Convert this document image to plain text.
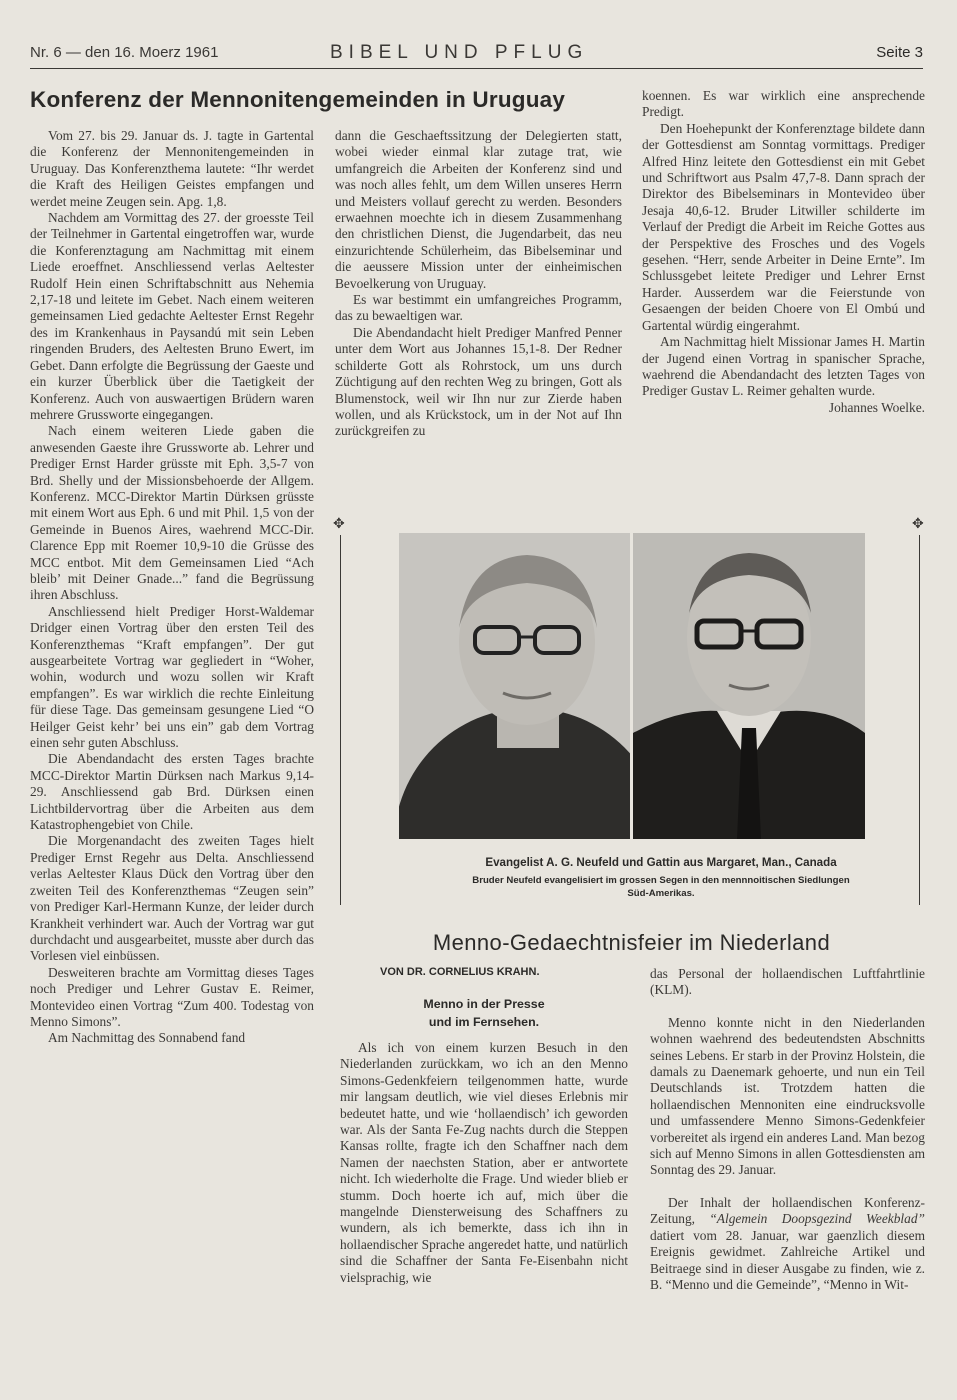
Nr. 6 — den 16. Moerz 1961	BIBEL UND PFLUG	Seite 3
Konferenz der Mennonitengemeinden in Uruguay

Vom 27. bis 29. Januar ds. J. tagte in Gartental die Konferenz der Mennonitengemeinden in Uruguay. Das Konferenzthema lautete: “Ihr werdet die Kraft des Heiligen Geistes empfangen und werdet meine Zeugen sein. Apg. 1,8.

Nachdem am Vormittag des 27. der groesste Teil der Teilnehmer in Gartental eingetroffen war, wurde die Konferenztagung am Nachmittag mit einem Liede eroeffnet. Anschliessend verlas Aeltester Rudolf Hein einen Schriftabschnitt aus Nehemia 2,17-18 und leitete im Gebet. Nach einem weiteren gemeinsamen Lied gedachte Aeltester Ernst Regehr des im Krankenhaus in Paysandú mit sein Leben ringenden Bruders, des Aeltesten Bruno Ewert, im Gebet. Dann erfolgte die Begrüssung der Gaeste und ein kurzer Überblick über die Taetigkeit der Konferenz. Auch von auswaertigen Brüdern waren mehrere Grussworte eingegangen.

Nach einem weiteren Liede gaben die anwesenden Gaeste ihre Grussworte ab. Lehrer und Prediger Ernst Harder grüsste mit Eph. 3,5-7 von Brd. Shelly und der Missionsbehoerde der Allgem. Konferenz. MCC-Direktor Martin Dürksen grüsste mit einem Wort aus Eph. 6 und mit Phil. 1,5 von der Gemeinde in Buenos Aires, waehrend MCC-Dir. Clarence Epp mit Roemer 10,9-10 die Grüsse des MCC entbot. Mit dem Gemeinsamen Lied “Ach bleib’ mit Deiner Gnade...” fand die Begrüssung ihren Abschluss.

Anschliessend hielt Prediger Horst-Waldemar Dridger einen Vortrag über den ersten Teil des Konferenzthemas “Kraft empfangen”. Der gut ausgearbeitete Vortrag war gegliedert in “Woher, wohin, wodurch und wozu sollen wir Kraft empfangen”. Es war wirklich die rechte Einleitung für diese Tage. Das gemeinsam gesungene Lied “O Heilger Geist kehr’ bei uns ein” gab dem Vortrag einen sehr guten Abschluss.

Die Abendandacht des ersten Tages brachte MCC-Direktor Martin Dürksen nach Markus 9,14-29. Anschliessend gab Brd. Dürksen einen Lichtbildervortrag über die Arbeiten aus dem Katastrophengebiet von Chile.

Die Morgenandacht des zweiten Tages hielt Prediger Ernst Regehr aus Delta. Anschliessend verlas Aeltester Klaus Dück den Vortrag über den zweiten Teil des Konferenzthemas “Zeugen sein” von Prediger Karl-Hermann Kunze, der leider durch Krankheit verhindert war. Auch der Vortrag war gut durchdacht und ausgearbeitet, musste aber durch das Vorlesen viel einbüssen.

Desweiteren brachte am Vormittag dieses Tages noch Prediger und Lehrer Gustav E. Reimer, Montevideo einen Vortrag “Zum 400. Todestag von Menno Simons”.

Am Nachmittag des Sonnabend fand

dann die Geschaeftssitzung der Delegierten statt, wobei wieder einmal klar zutage trat, wie umfangreich die Arbeiten der Konferenz sind und was noch alles fehlt, um dem Willen unseres Herrn und Meisters vollauf gerecht zu werden. Besonders erwaehnen moechte ich in diesem Zusammenhang den christlichen Dienst, die Jugendarbeit, das neu einzurichtende Schülerheim, das Bibelseminar und die aeussere Mission unter der einheimischen Bevoelkerung von Uruguay.

Es war bestimmt ein umfangreiches Programm, das zu bewaeltigen war.

Die Abendandacht hielt Prediger Manfred Penner unter dem Wort aus Johannes 15,1-8. Der Redner schilderte Gott als Rohrstock, um uns durch Züchtigung auf den rechten Weg zu bringen, Gott als Blumenstock, weil wir Ihn nur zur Zierde haben wollen, und als Krückstock, um in der Not auf Ihn zurückgreifen zu

koennen. Es war wirklich eine ansprechende Predigt.

Den Hoehepunkt der Konferenztage bildete dann der Gottesdienst am Sonntag vormittags. Prediger Alfred Hinz leitete den Gottesdienst ein mit Gebet und Schriftwort aus Psalm 47,7-8. Dann sprach der Direktor des Bibelseminars in Montevideo über Jesaja 40,6-12. Bruder Litwiller schilderte im Verlauf der Predigt die Arbeit im Reiche Gottes aus der Perspektive des Frosches und des Vogels gesehen. “Herr, sende Arbeiter in Deine Ernte”. Im Schlussgebet leitete Prediger und Lehrer Ernst Harder. Ausserdem war die Feierstunde von Gesaengen der beiden Choere von El Ombú und Gartental würdig eingerahmt.

Am Nachmittag hielt Missionar James H. Martin der Jugend einen Vortrag in spanischer Sprache, waehrend die Abendandacht des letzten Tages von Prediger Gustav L. Reimer gehalten wurde.

Johannes Woelke.

✥	✥
Evangelist A. G. Neufeld und Gattin aus Margaret, Man., Canada
Bruder Neufeld evangelisiert im grossen Segen in den mennnoitischen Siedlungen
Süd-Amerikas.
Menno-Gedaechtnisfeier im Niederland
VON DR. CORNELIUS KRAHN.
Menno in der Presse
und im Fernsehen.

Als ich von einem kurzen Besuch in den Niederlanden zurückkam, wo ich an den Menno Simons-Gedenkfeiern teilgenommen hatte, wurde mir langsam deutlich, wie viel dieses Erlebnis mir bedeutet hatte, und wie ‘hollaendisch’ ich geworden war. Als der Santa Fe-Zug nachts durch die Steppen Kansas rollte, fragte ich den Schaffner nach dem Namen der naechsten Station, aber er antwortete nicht. Ich wiederholte die Frage. Und wieder blieb er stumm. Doch hoerte ich auf, mich über die mangelnde Diensterweisung des Schaffners zu wundern, als ich bemerkte, dass ich ihn in hollaendischer Sprache angeredet hatte, und natürlich sind die Schaffner der Santa Fe-Eisenbahn nicht vielsprachig, wie

das Personal der hollaendischen Luftfahrtlinie (KLM).

Menno konnte nicht in den Niederlanden wohnen waehrend des bedeutendsten Abschnitts seines Lebens. Er starb in der Provinz Holstein, die damals zu Daenemark gehoerte, und nun ein Teil Deutschlands ist. Trotzdem hatten die hollaendischen Mennoniten eine eindrucksvolle und umfassendere Menno Simons-Gedenkfeier vorbereitet als irgend ein anderes Land. Man bezog sich auf Menno Simons in allen Gottesdiensten am Sonntag des 29. Januar.

Der Inhalt der hollaendischen Konferenz-Zeitung, “Algemein Doopsgezind Weekblad” datiert vom 28. Januar, war gaenzlich diesem Ereignis gewidmet. Zahlreiche Artikel und Beitraege sind in dieser Ausgabe zu finden, wie z. B. “Menno und die Gemeinde”, “Menno in Wit-
